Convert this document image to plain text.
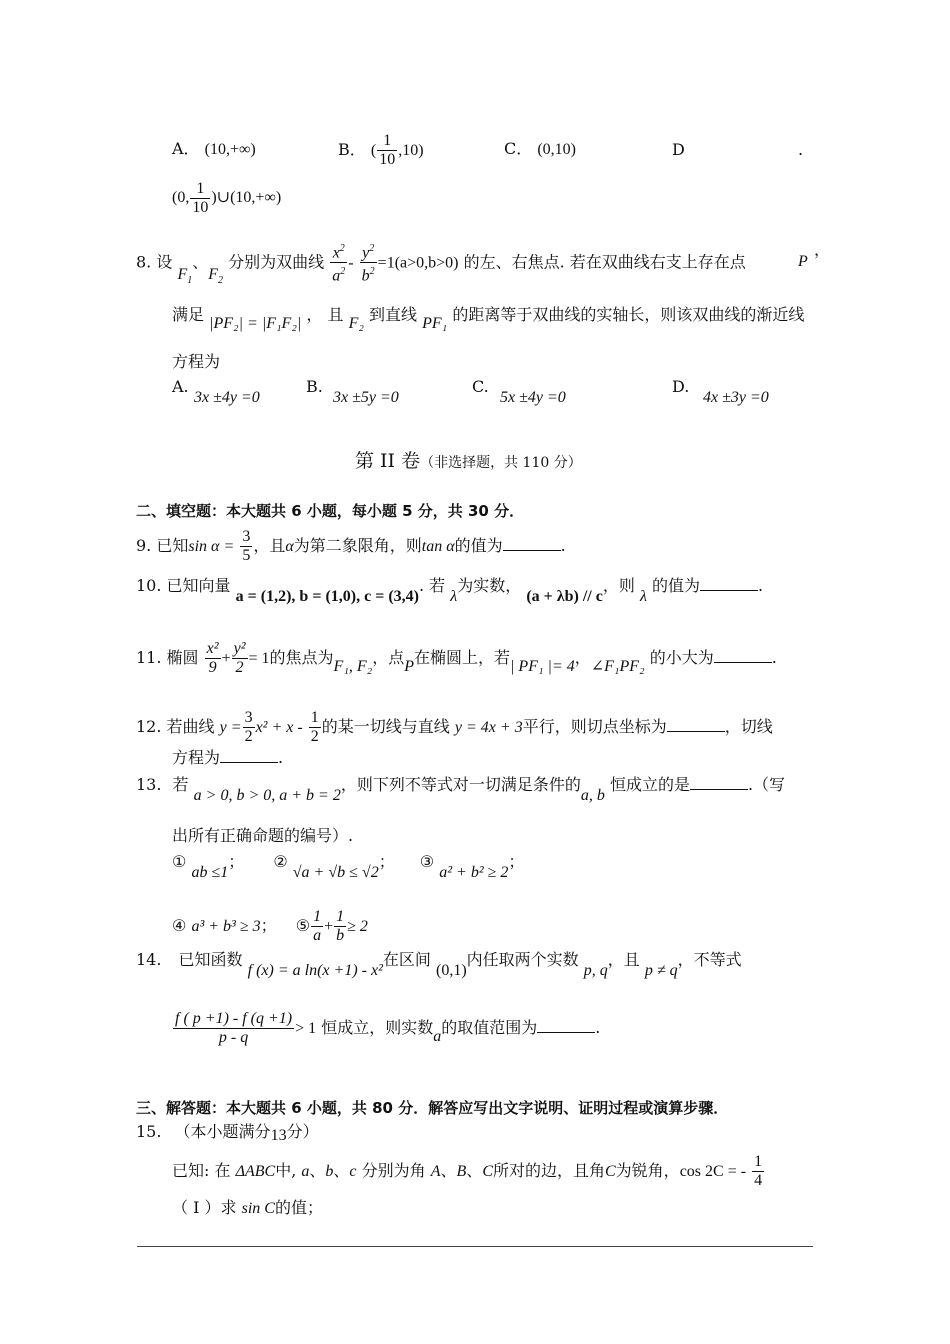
A． (10,+∞)	B． ( $\frac{1}{10} ,10$)	C． (0,10)	D	.
(0, $\frac{1}{10}$ )∪(10,+∞)
8. 设 $F_1$、$F_2$ 分别为双曲线 $\frac{x^2}{a^2} - \frac{y^2}{b^2} =1(a>0,b>0)$ 的左、右焦点. 若在双曲线右支上存在点	P
，
满足 |PF₂| = |F₁F₂| ， 且 F₂ 到直线 PF₁ 的距离等于双曲线的实轴长，则该双曲线的渐近线
方程为
A.
3x ±4y =0
B.
3x ±5y =0
C.
5x ±4y =0
D.
4x ±3y =0
第 II 卷（非选择题，共 110 分）
二、填空题：本大题共 6 小题，每小题 5 分，共 30 分．
9. 已知$\sin \alpha = \frac{3}{5}$ ，且α为第二象限角，则tan α的值为	.
10. 已知向量 a = (1,2), b = (1,0), c = (3,4). 若 λ为实数， (a + λb) // c，则 λ 的值为	.
11. 椭圆 $\frac{\text{x²}}{9} + \frac{\text{y²}}{2} = 1$的焦点为F₁, F₂，点P在椭圆上，若| PF₁ |= 4，∠F₁PF₂ 的小大为	.
12. 若曲线 $y = \frac{3}{2} x^2 + x - \frac{1}{2}$ 的某一切线与直线 y = 4x + 3平行，则切点坐标为	，切线
方程为	.
13. 若 a > 0, b > 0, a + b = 2，则下列不等式对一切满足条件的a, b 恒成立的是	.（写
出所有正确命题的编号）.
① ab ≤1； ② √a + √b ≤ √2； ③ a² + b² ≥ 2；
④ a³ + b³ ≥ 3； ⑤ $\frac{1}{a} + \frac{1}{b} \ge 2$
14. 已知函数 f (x) = a ln(x +1) - x²在区间 (0,1)内任取两个实数 p, q，且 p ≠ q，不等式
$\frac{f ( p +1) - f (q +1)}{p - q} > 1$ 恒成立，则实数a的取值范围为	.
三、解答题：本大题共 6 小题，共 80 分．解答应写出文字说明、证明过程或演算步骤．
15. （本小题满分13分）
已知: 在 ΔABC中, a、b、c 分别为角 A、B、C所对的边，且角C为锐角，cos 2C = - $\frac{1}{4}$
（ I ）求 sin C的值；
